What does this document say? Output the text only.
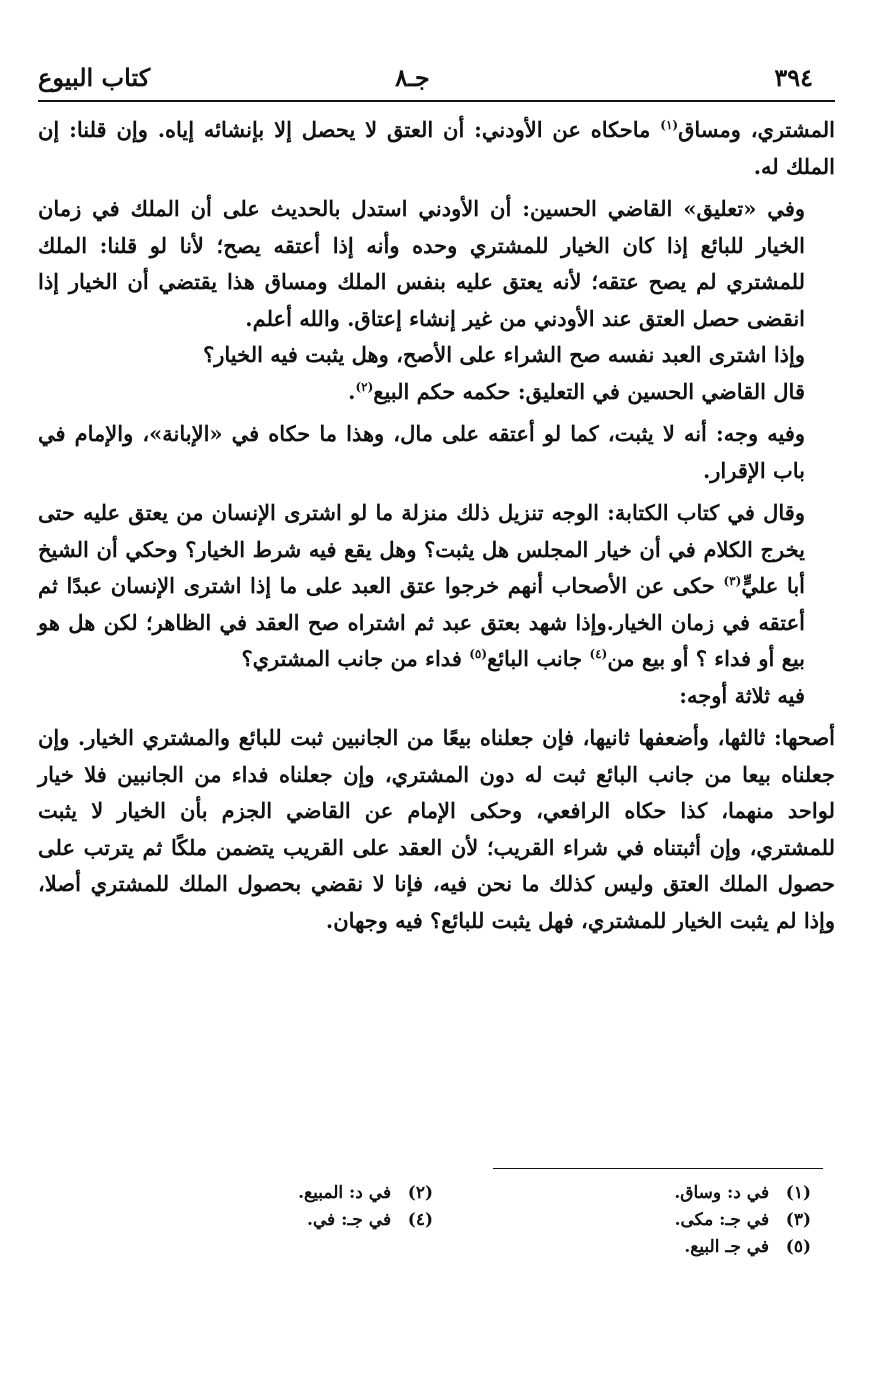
٣٩٤
جـ٨
كتاب البيوع

المشتري، ومساق$^{(١)}$ ماحكاه عن الأودني: أن العتق لا يحصل إلا بإنشائه إياه. وإن قلنا: إن الملك له.

وفي «تعليق» القاضي الحسين: أن الأودني استدل بالحديث على أن الملك في زمان الخيار للبائع إذا كان الخيار للمشتري وحده وأنه إذا أعتقه يصح؛ لأنا لو قلنا: الملك للمشتري لم يصح عتقه؛ لأنه يعتق عليه بنفس الملك ومساق هذا يقتضي أن الخيار إذا انقضى حصل العتق عند الأودني من غير إنشاء إعتاق. والله أعلم.

وإذا اشترى العبد نفسه صح الشراء على الأصح، وهل يثبت فيه الخيار؟

قال القاضي الحسين في التعليق: حكمه حكم البيع$^{(٢)}$.

وفيه وجه: أنه لا يثبت، كما لو أعتقه على مال، وهذا ما حكاه في «الإبانة»، والإمام في باب الإقرار.

وقال في كتاب الكتابة: الوجه تنزيل ذلك منزلة ما لو اشترى الإنسان من يعتق عليه حتى يخرج الكلام في أن خيار المجلس هل يثبت؟ وهل يقع فيه شرط الخيار؟ وحكي أن الشيخ أبا عليٍّ$^{(٣)}$ حكى عن الأصحاب أنهم خرجوا عتق العبد على ما إذا اشترى الإنسان عبدًا ثم أعتقه في زمان الخيار.وإذا شهد بعتق عبد ثم اشتراه صح العقد في الظاهر؛ لكن هل هو بيع أو فداء ؟ أو بيع من$^{(٤)}$ جانب البائع$^{(٥)}$ فداء من جانب المشتري؟

فيه ثلاثة أوجه:

أصحها: ثالثها، وأضعفها ثانيها، فإن جعلناه بيعًا من الجانبين ثبت للبائع والمشتري الخيار. وإن جعلناه بيعا من جانب البائع ثبت له دون المشتري، وإن جعلناه فداء من الجانبين فلا خيار لواحد منهما، كذا حكاه الرافعي، وحكى الإمام عن القاضي الجزم بأن الخيار لا يثبت للمشتري، وإن أثبتناه في شراء القريب؛ لأن العقد على القريب يتضمن ملكًا ثم يترتب على حصول الملك العتق وليس كذلك ما نحن فيه، فإنا لا نقضي بحصول الملك للمشتري أصلا، وإذا لم يثبت الخيار للمشتري، فهل يثبت للبائع؟ فيه وجهان.

(١) في د: وساق.
(٣) في جـ: مكى.
(٥) في جـ البيع.
(٢) في د: المبيع.
(٤) في جـ: في.
